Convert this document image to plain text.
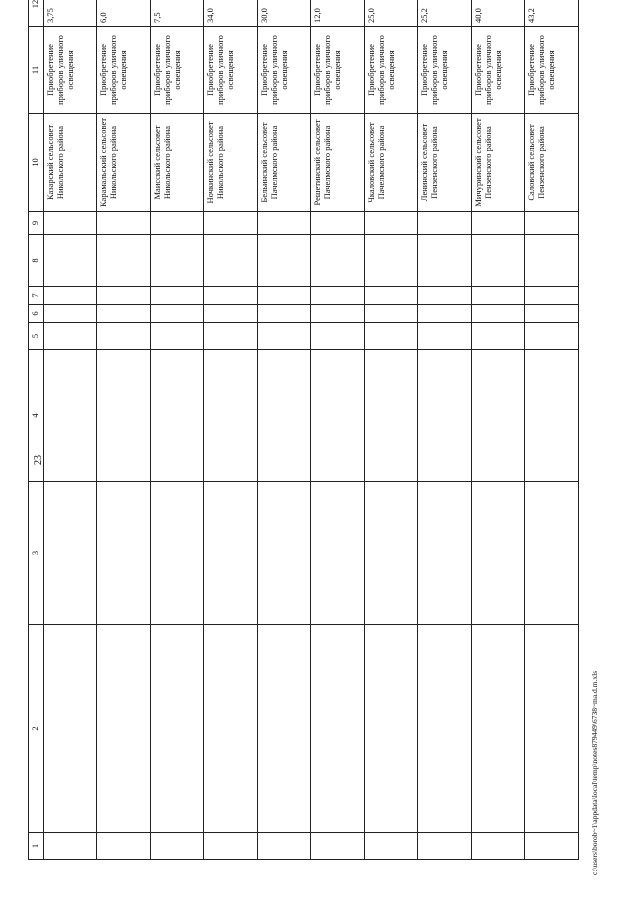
23
1	2	3	4	5	6	7	8	9	10	11	12
									Казарский сельсовет Никольского района	Приобретение приборов уличного освещения	3,75
									Карамальский сельсовет Никольского района	Приобретение приборов уличного освещения	6,0
									Маисский сельсовет Никольского района	Приобретение приборов уличного освещения	7,5
									Ночкинский сельсовет Никольского района	Приобретение приборов уличного освещения	34,0
									Бельинский сельсовет Пачелмского района	Приобретение приборов уличного освещения	30,0
									Решетинский сельсовет Пачелмского района	Приобретение приборов уличного освещения	12,0
									Чкаловский сельсовет Пачелмского района	Приобретение приборов уличного освещения	25,0
									Ленинский сельсовет Пензенского района	Приобретение приборов уличного освещения	25,2
									Мичуринский сельсовет Пензенского района	Приобретение приборов уличного освещения	40,0
									Саловский сельсовет Пензенского района	Приобретение приборов уличного освещения	43,2
c:\users\borob~1\appdata\local\temp\notes879449\6738~ma.d.m.xls
